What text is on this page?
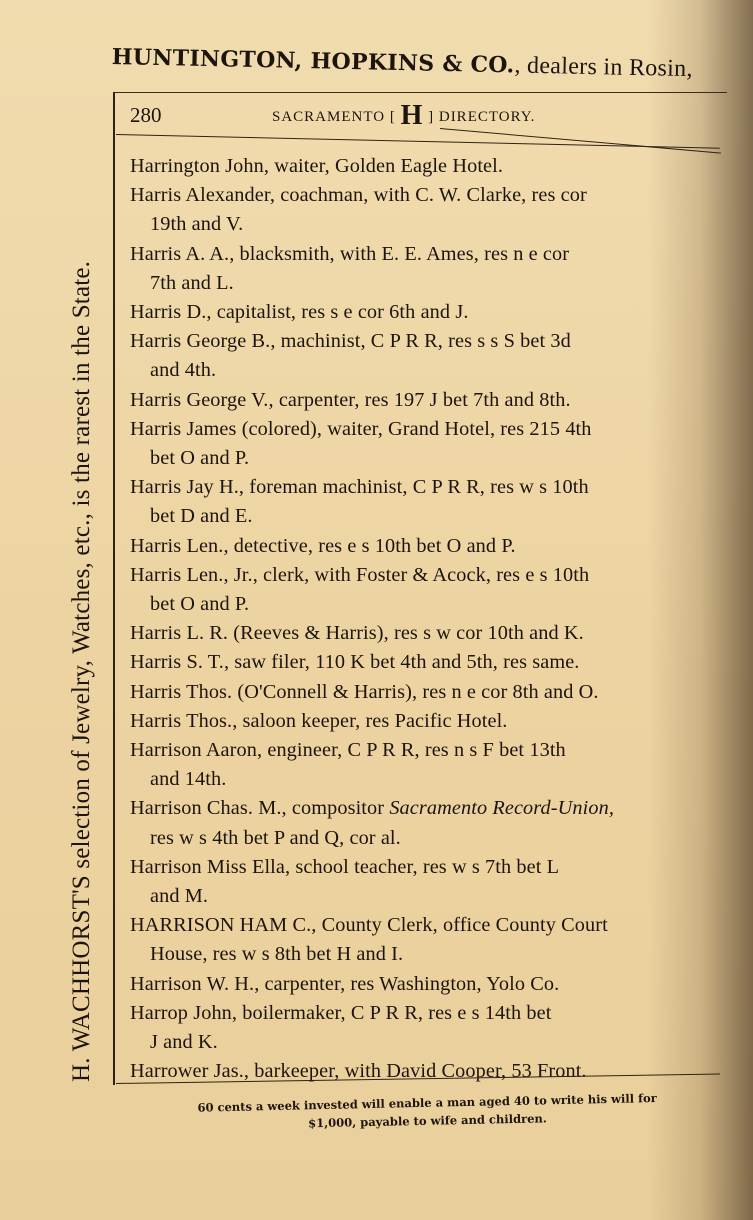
HUNTINGTON, HOPKINS & CO., dealers in Rosin,
H. WACHHORST'S selection of Jewelry, Watches, etc., is the rarest in the State.
280	SACRAMENTO [ H ] DIRECTORY.
Harrington John, waiter, Golden Eagle Hotel.
Harris Alexander, coachman, with C. W. Clarke, res cor
19th and V.
Harris A. A., blacksmith, with E. E. Ames, res n e cor
7th and L.
Harris D., capitalist, res s e cor 6th and J.
Harris George B., machinist, C P R R, res s s S bet 3d
and 4th.
Harris George V., carpenter, res 197 J bet 7th and 8th.
Harris James (colored), waiter, Grand Hotel, res 215 4th
bet O and P.
Harris Jay H., foreman machinist, C P R R, res w s 10th
bet D and E.
Harris Len., detective, res e s 10th bet O and P.
Harris Len., Jr., clerk, with Foster & Acock, res e s 10th
bet O and P.
Harris L. R. (Reeves & Harris), res s w cor 10th and K.
Harris S. T., saw filer, 110 K bet 4th and 5th, res same.
Harris Thos. (O'Connell & Harris), res n e cor 8th and O.
Harris Thos., saloon keeper, res Pacific Hotel.
Harrison Aaron, engineer, C P R R, res n s F bet 13th
and 14th.
Harrison Chas. M., compositor Sacramento Record-Union,
res w s 4th bet P and Q, cor al.
Harrison Miss Ella, school teacher, res w s 7th bet L
and M.
HARRISON HAM C., County Clerk, office County Court
House, res w s 8th bet H and I.
Harrison W. H., carpenter, res Washington, Yolo Co.
Harrop John, boilermaker, C P R R, res e s 14th bet
J and K.
Harrower Jas., barkeeper, with David Cooper, 53 Front.
60 cents a week invested will enable a man aged 40 to write his will for
$1,000, payable to wife and children.
